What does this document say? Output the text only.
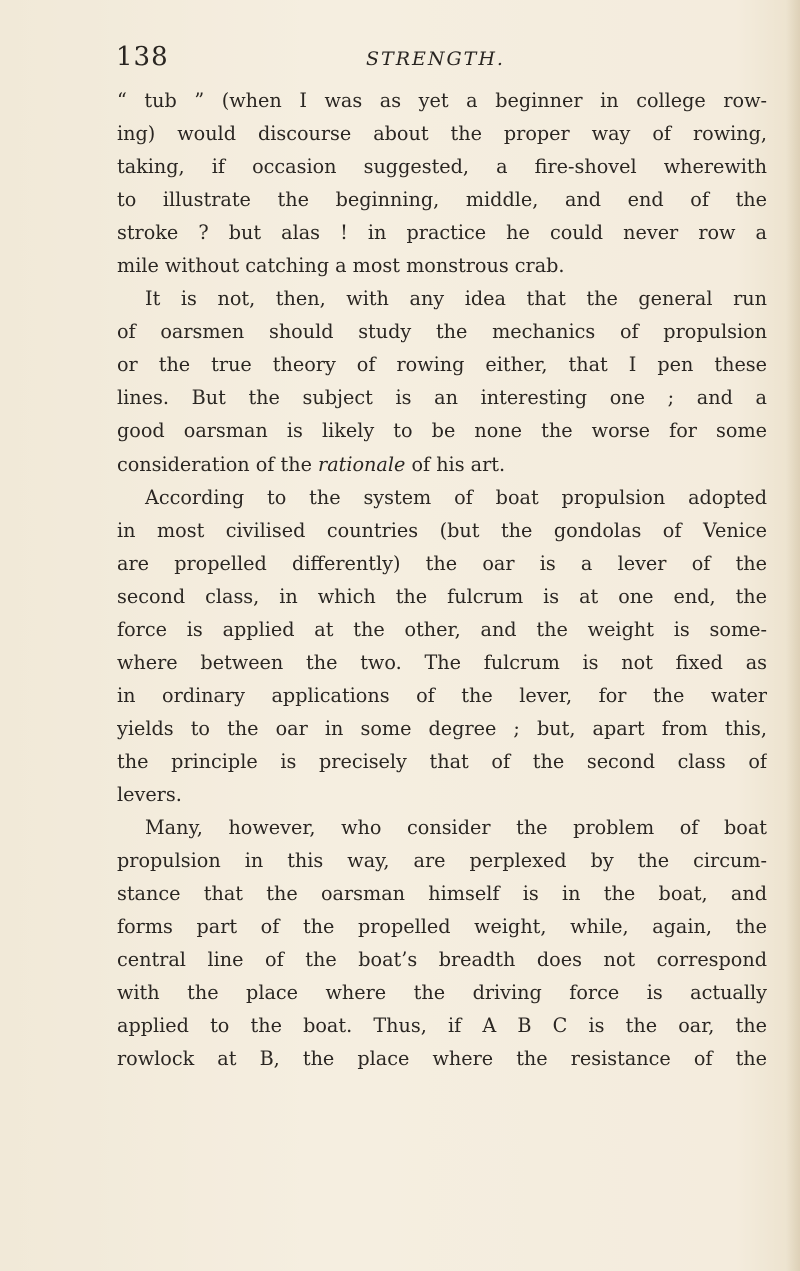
138	STRENGTH.
“ tub ” (when I was as yet a beginner in college row-
ing) would discourse about the proper way of rowing,
taking, if occasion suggested, a fire-shovel wherewith
to illustrate the beginning, middle, and end of the
stroke ? but alas ! in practice he could never row a
mile without catching a most monstrous crab.
It is not, then, with any idea that the general run
of oarsmen should study the mechanics of propulsion
or the true theory of rowing either, that I pen these
lines. But the subject is an interesting one ; and a
good oarsman is likely to be none the worse for some
consideration of the rationale of his art.
According to the system of boat propulsion adopted
in most civilised countries (but the gondolas of Venice
are propelled differently) the oar is a lever of the
second class, in which the fulcrum is at one end, the
force is applied at the other, and the weight is some-
where between the two. The fulcrum is not fixed as
in ordinary applications of the lever, for the water
yields to the oar in some degree ; but, apart from this,
the principle is precisely that of the second class of
levers.
Many, however, who consider the problem of boat
propulsion in this way, are perplexed by the circum-
stance that the oarsman himself is in the boat, and
forms part of the propelled weight, while, again, the
central line of the boat’s breadth does not correspond
with the place where the driving force is actually
applied to the boat. Thus, if A B C is the oar, the
rowlock at B, the place where the resistance of the
